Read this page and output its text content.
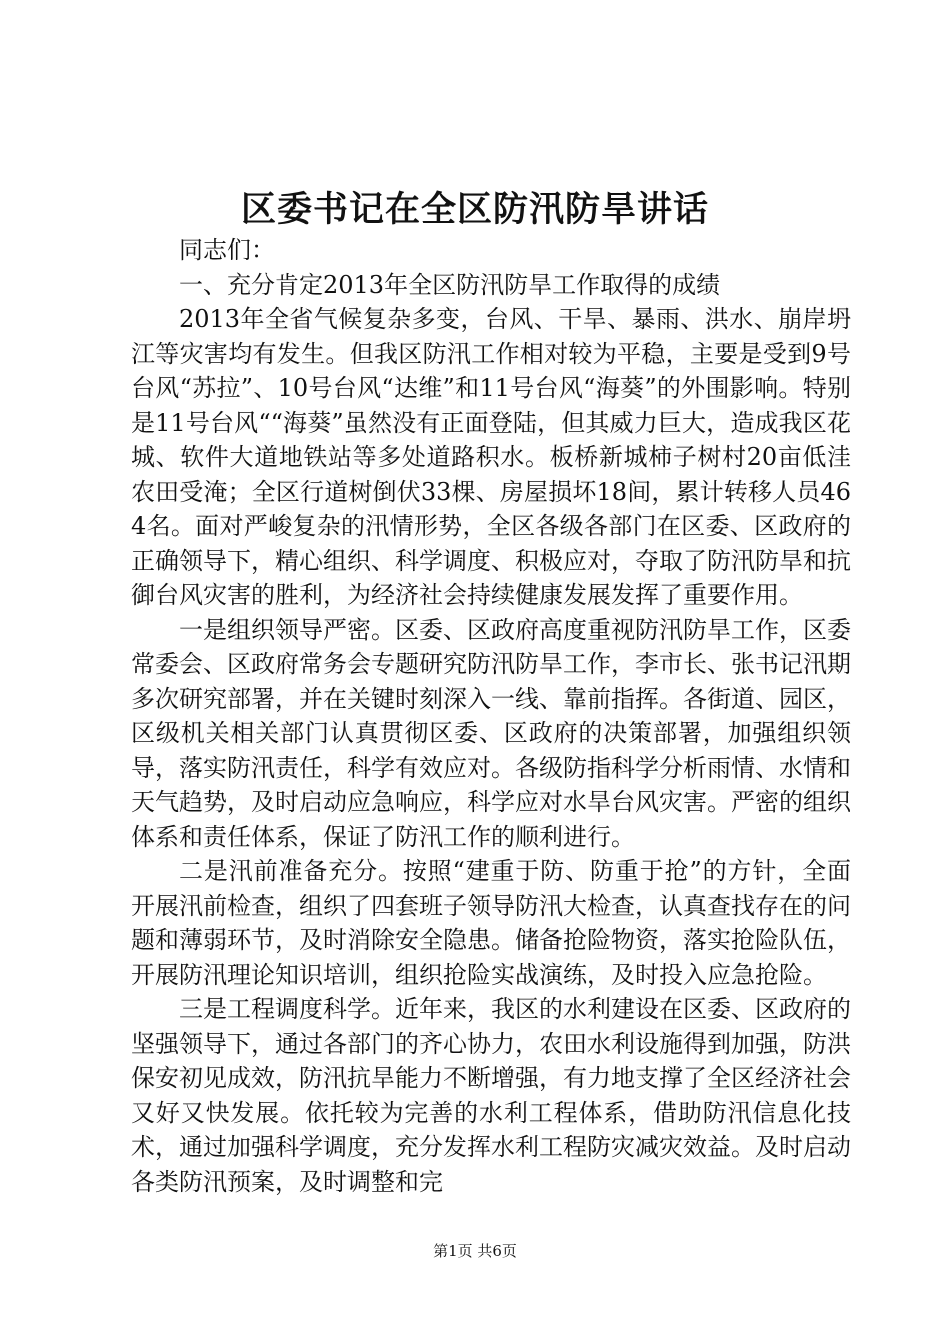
区委书记在全区防汛防旱讲话

同志们：

一、充分肯定2013年全区防汛防旱工作取得的成绩

2013年全省气候复杂多变，台风、干旱、暴雨、洪水、崩岸坍江等灾害均有发生。但我区防汛工作相对较为平稳，主要是受到9号台风“苏拉”、10号台风“达维”和11号台风“海葵”的外围影响。特别是11号台风““海葵”虽然没有正面登陆，但其威力巨大，造成我区花城、软件大道地铁站等多处道路积水。板桥新城柿子树村20亩低洼农田受淹；全区行道树倒伏33棵、房屋损坏18间，累计转移人员464名。面对严峻复杂的汛情形势，全区各级各部门在区委、区政府的正确领导下，精心组织、科学调度、积极应对，夺取了防汛防旱和抗御台风灾害的胜利，为经济社会持续健康发展发挥了重要作用。

一是组织领导严密。区委、区政府高度重视防汛防旱工作，区委常委会、区政府常务会专题研究防汛防旱工作，李市长、张书记汛期多次研究部署，并在关键时刻深入一线、靠前指挥。各街道、园区，区级机关相关部门认真贯彻区委、区政府的决策部署，加强组织领导，落实防汛责任，科学有效应对。各级防指科学分析雨情、水情和天气趋势，及时启动应急响应，科学应对水旱台风灾害。严密的组织体系和责任体系，保证了防汛工作的顺利进行。

二是汛前准备充分。按照“建重于防、防重于抢”的方针，全面开展汛前检查，组织了四套班子领导防汛大检查，认真查找存在的问题和薄弱环节，及时消除安全隐患。储备抢险物资，落实抢险队伍，开展防汛理论知识培训，组织抢险实战演练，及时投入应急抢险。

三是工程调度科学。近年来，我区的水利建设在区委、区政府的坚强领导下，通过各部门的齐心协力，农田水利设施得到加强，防洪保安初见成效，防汛抗旱能力不断增强，有力地支撑了全区经济社会又好又快发展。依托较为完善的水利工程体系，借助防汛信息化技术，通过加强科学调度，充分发挥水利工程防灾减灾效益。及时启动各类防汛预案，及时调整和完

第1页 共6页
